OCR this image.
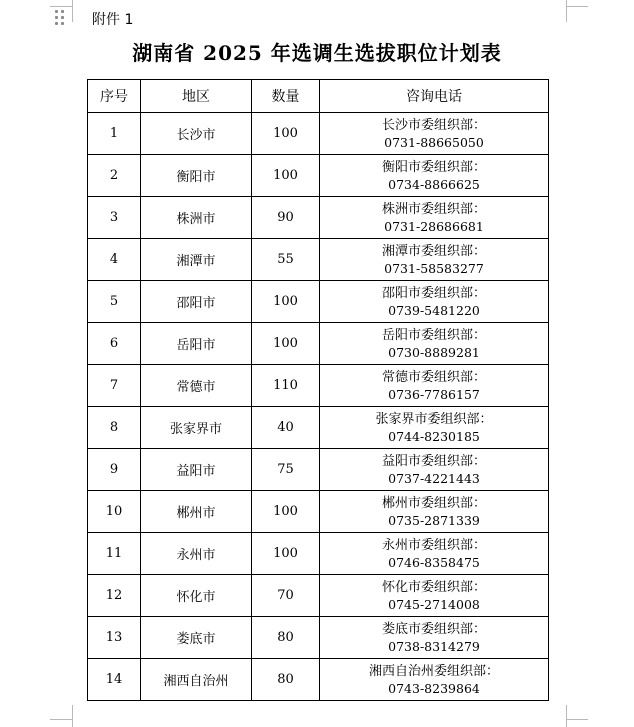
附件 1
湖南省 2025 年选调生选拔职位计划表
序号	地区	数量	咨询电话
1	长沙市	100	长沙市委组织部：
0731-88665050

2	衡阳市	100	衡阳市委组织部：
0734-8866625

3	株洲市	90	株洲市委组织部：
0731-28686681

4	湘潭市	55	湘潭市委组织部：
0731-58583277

5	邵阳市	100	邵阳市委组织部：
0739-5481220

6	岳阳市	100	岳阳市委组织部：
0730-8889281

7	常德市	110	常德市委组织部：
0736-7786157

8	张家界市	40	张家界市委组织部：
0744-8230185

9	益阳市	75	益阳市委组织部：
0737-4221443

10	郴州市	100	郴州市委组织部：
0735-2871339

11	永州市	100	永州市委组织部：
0746-8358475

12	怀化市	70	怀化市委组织部：
0745-2714008

13	娄底市	80	娄底市委组织部：
0738-8314279

14	湘西自治州	80	湘西自治州委组织部：
0743-8239864
